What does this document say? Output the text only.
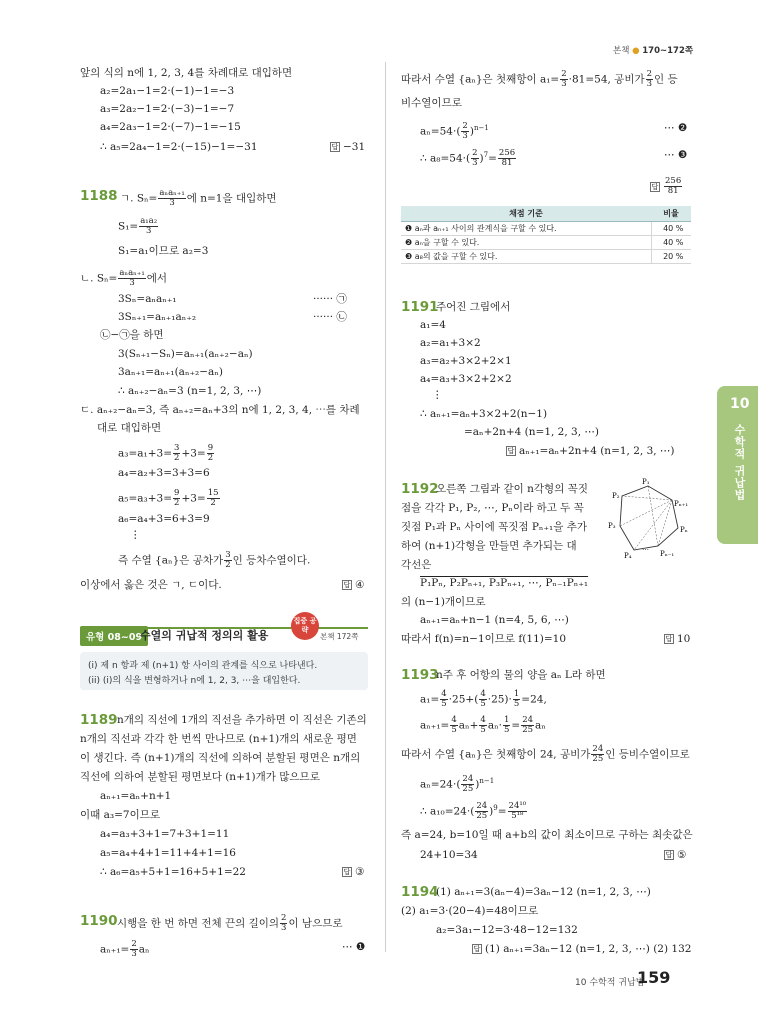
본책 ● 170~172쪽
앞의 식의 n에 1, 2, 3, 4를 차례대로 대입하면
a₂=2a₁−1=2·(−1)−1=−3
a₃=2a₂−1=2·(−3)−1=−7
a₄=2a₃−1=2·(−7)−1=−15
∴ a₅=2a₄−1=2·(−15)−1=−31	답 −31
1188 ㄱ. $S_n= \frac{\text{aₙaₙ₊₁}}{3}$ 에 n=1을 대입하면
$S_1= \frac{\text{a₁a₂}}{3}$
S₁=a₁이므로 a₂=3
ㄴ. $S_n= \frac{\text{aₙaₙ₊₁}}{3}$ 에서
3Sₙ=aₙaₙ₊₁	······ ㉠
3Sₙ₊₁=aₙ₊₁aₙ₊₂	······ ㉡
㉡−㉠을 하면
3(Sₙ₊₁−Sₙ)=aₙ₊₁(aₙ₊₂−aₙ)
3aₙ₊₁=aₙ₊₁(aₙ₊₂−aₙ)
∴ aₙ₊₂−aₙ=3 (n=1, 2, 3, ⋯)
ㄷ. aₙ₊₂−aₙ=3, 즉 aₙ₊₂=aₙ+3의 n에 1, 2, 3, 4, ⋯를 차례
대로 대입하면
$a_3=a_1+3= \frac{3}{2} +3= \frac{9}{2}$
a₄=a₂+3=3+3=6
$a_5=a_3+3= \frac{9}{2} +3= \frac{15}{2}$
a₆=a₄+3=6+3=9
⋮
즉 수열 {aₙ}은 공차가 $\frac{3}{2}$ 인 등차수열이다.
이상에서 옳은 것은 ㄱ, ㄷ이다.	답 ④
유형 08~09
수열의 귀납적 정의의 활용
집중 공략
본책 172쪽
(i) 제 n 항과 제 (n+1) 항 사이의 관계를 식으로 나타낸다.
(ii) (i)의 식을 변형하거나 n에 1, 2, 3, ⋯을 대입한다.
1189 n개의 직선에 1개의 직선을 추가하면 이 직선은 기존의
n개의 직선과 각각 한 번씩 만나므로 (n+1)개의 새로운 평면
이 생긴다. 즉 (n+1)개의 직선에 의하여 분할된 평면은 n개의
직선에 의하여 분할된 평면보다 (n+1)개가 많으므로
aₙ₊₁=aₙ+n+1
이때 a₃=7이므로
a₄=a₃+3+1=7+3+1=11
a₅=a₄+4+1=11+4+1=16
∴ a₆=a₅+5+1=16+5+1=22	답 ③
1190 시행을 한 번 하면 전체 끈의 길이의 $\frac{2}{3}$ 이 남으므로
$a_{n+1}= \frac{2}{3}$ aₙ	⋯ ❶
따라서 수열 {aₙ}은 첫째항이 $a_1= \frac{2}{3} \cdot 81=54$, 공비가 $\frac{2}{3}$ 인 등
비수열이므로
$a_n=54\cdot( \frac{2}{3} )^{n-1}$	⋯ ❷
∴ $a_8=54\cdot( \frac{2}{3} )^7= \frac{256}{81}$	⋯ ❸
답 $\frac{256}{81}$
채점 기준	비율
❶ aₙ과 aₙ₊₁ 사이의 관계식을 구할 수 있다.	40 %
❷ aₙ을 구할 수 있다.	40 %
❸ a₈의 값을 구할 수 있다.	20 %
1191
주어진 그림에서
a₁=4
a₂=a₁+3×2
a₃=a₂+3×2+2×1
a₄=a₃+3×2+2×2
⋮
∴ aₙ₊₁=aₙ+3×2+2(n−1)
=aₙ+2n+4 (n=1, 2, 3, ⋯)
답 aₙ₊₁=aₙ+2n+4 (n=1, 2, 3, ⋯)
1192
오른쪽 그림과 같이 n각형의 꼭짓
점을 각각 P₁, P₂, ⋯, Pₙ이라 하고 두 꼭
짓점 P₁과 Pₙ 사이에 꼭짓점 Pₙ₊₁을 추가
하여 (n+1)각형을 만들면 추가되는 대
각선은
P₁Pₙ, P₂Pₙ₊₁, P₃Pₙ₊₁, ⋯, Pₙ₋₁Pₙ₊₁
의 (n−1)개이므로
aₙ₊₁=aₙ+n−1 (n=4, 5, 6, ⋯)
따라서 f(n)=n−1이므로 f(11)=10	답 10
P₁
Pₙ₊₁
Pₙ
Pₙ₋₁
P₂
P₃
P₄
⋯
1193
n주 후 어항의 물의 양을 aₙ L라 하면
$a_1= \frac{4}{5} \cdot 25+( \frac{4}{5} \cdot 25)\cdot \frac{1}{5} =24$,
$a_{n+1}= \frac{4}{5} a_n+ \frac{4}{5} a_n\cdot \frac{1}{5} = \frac{24}{25}$ aₙ
따라서 수열 {aₙ}은 첫째항이 24, 공비가 $\frac{24}{25}$ 인 등비수열이므로
$a_n=24\cdot( \frac{24}{25} )^{n-1}$
∴ $a_{10}=24\cdot( \frac{24}{25} )^9= \frac{\text{24¹⁰}}{\text{5¹⁸}}$
즉 a=24, b=10일 때 a+b의 값이 최소이므로 구하는 최솟값은
24+10=34	답 ⑤
1194
(1) aₙ₊₁=3(aₙ−4)=3aₙ−12 (n=1, 2, 3, ⋯)
(2) a₁=3·(20−4)=48이므로
a₂=3a₁−12=3·48−12=132
답 (1) aₙ₊₁=3aₙ−12 (n=1, 2, 3, ⋯) (2) 132
10
수학적 귀납법
10 수학적 귀납법
159
